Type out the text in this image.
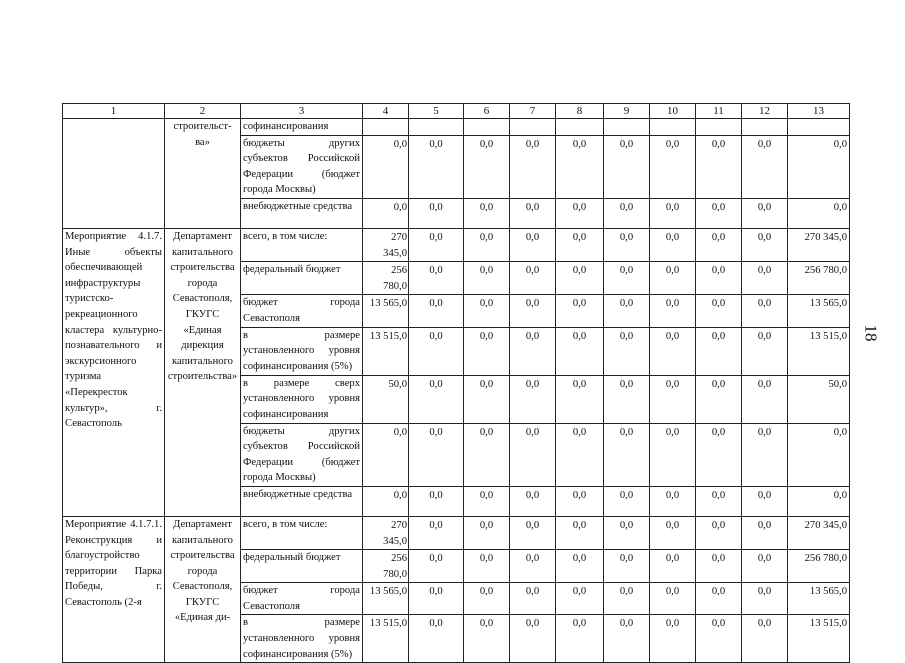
1	2	3	4	5	6	7	8	9	10	11	12	13
	строительст-ва»	софинансирования										
		бюджеты других субъектов Российской Федерации (бюджет города Москвы)	0,0	0,0	0,0	0,0	0,0	0,0	0,0	0,0	0,0	0,0
		внебюджетные средства	0,0	0,0	0,0	0,0	0,0	0,0	0,0	0,0	0,0	0,0
Мероприятие 4.1.7. Иные объекты обеспечивающей инфраструктуры туристско-рекреационного кластера культурно-познавательного и экскурсионного туризма «Перекресток культур», г. Севастополь	Департамент капитального строительства города Севастополя, ГКУГС «Единая дирекция капитального строительства»	всего, в том числе:	270 345,0	0,0	0,0	0,0	0,0	0,0	0,0	0,0	0,0	270 345,0
		федеральный бюджет	256 780,0	0,0	0,0	0,0	0,0	0,0	0,0	0,0	0,0	256 780,0
		бюджет города Севастополя	13 565,0	0,0	0,0	0,0	0,0	0,0	0,0	0,0	0,0	13 565,0
		в размере установленного уровня софинансирования (5%)	13 515,0	0,0	0,0	0,0	0,0	0,0	0,0	0,0	0,0	13 515,0
		в размере сверх установленного уровня софинансирования	50,0	0,0	0,0	0,0	0,0	0,0	0,0	0,0	0,0	50,0
		бюджеты других субъектов Российской Федерации (бюджет города Москвы)	0,0	0,0	0,0	0,0	0,0	0,0	0,0	0,0	0,0	0,0
		внебюджетные средства	0,0	0,0	0,0	0,0	0,0	0,0	0,0	0,0	0,0	0,0
Мероприятие 4.1.7.1. Реконструкция и благоустройство территории Парка Победы, г. Севастополь (2-я	Департамент капитального строительства города Севастополя, ГКУГС «Единая ди-	всего, в том числе:	270 345,0	0,0	0,0	0,0	0,0	0,0	0,0	0,0	0,0	270 345,0
		федеральный бюджет	256 780,0	0,0	0,0	0,0	0,0	0,0	0,0	0,0	0,0	256 780,0
		бюджет города Севастополя	13 565,0	0,0	0,0	0,0	0,0	0,0	0,0	0,0	0,0	13 565,0
		в размере установленного уровня софинансирования (5%)	13 515,0	0,0	0,0	0,0	0,0	0,0	0,0	0,0	0,0	13 515,0
18
